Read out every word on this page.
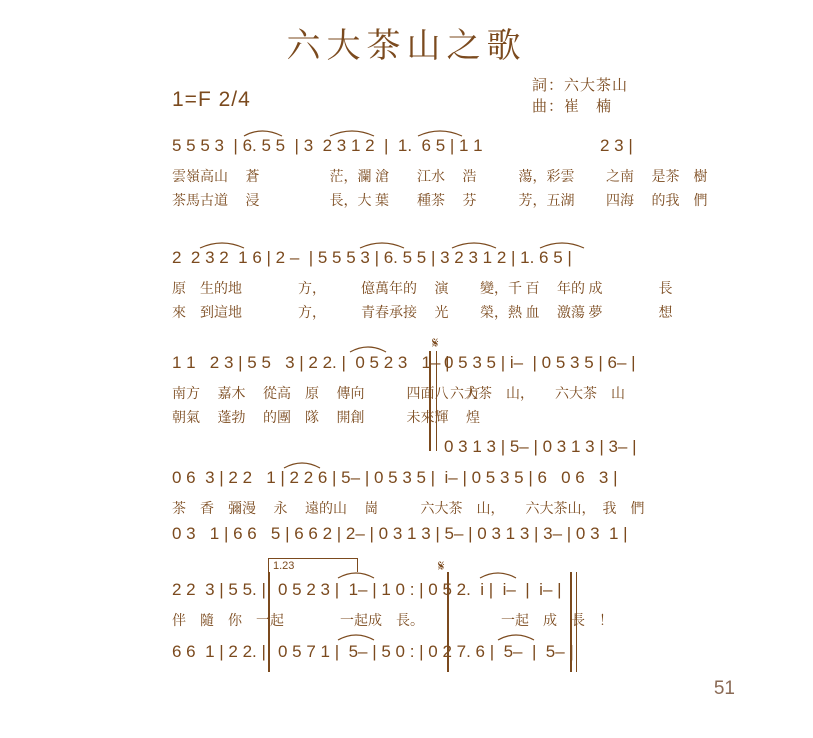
六大茶山之歌
1=F 2/4
詞：六大茶山
曲：崔　楠
5 5 5 3  | 6. 5 5  | 3  2 3 1 2  |  1.  6 5 | 1 1	2 3 |
雲嶺高山　 蒼　　　　　茫，瀾 滄　　江水　 浩　　　蕩，彩雲　　 之南　 是茶　樹
茶馬古道　 浸　　　　　長，大 葉　　種茶　 芬　　　芳，五湖　　 四海　 的我　們
2  2 3 2  1 6 | 2 –  | 5 5 5 3 | 6. 5 5 | 3 2 3 1 2 | 1. 6 5 |
原　生的地　　　　方，　　　億萬年的　 演　　 變，千 百　 年的 成　　　　長
來　到這地　　　　方，　　　青春承接　 光　　 榮，熱 血　 激蕩 夢　　　　想
𝄋
1 1   2 3 | 5 5   3 | 2 2. |  0 5 2 3   1– |
0 5 3 5 | i–  | 0 5 3 5 | 6– |
南方　 嘉木　 從高　原　 傳向　　　四面八　 方
朝氣　 蓬勃　 的團　隊　 開創　　　未來輝　 煌
六大茶　山，　　六大茶　山
0 3 1 3 | 5– | 0 3 1 3 | 3– |
0 6  3 | 2 2   1 | 2 2 6 | 5– | 0 5 3 5 |  i– | 0 5 3 5 | 6   0 6   3 |
茶　香　彌漫　 永　 遠的山　 崗　　　六大茶　山，　　六大茶山，　我　們
0 3   1 | 6 6   5 | 6 6 2 | 2– | 0 3 1 3 | 5– | 0 3 1 3 | 3– | 0 3  1 |
1.23	𝄋
2 2  3 | 5 5. | 0 5 2 3 |  1– | 1 0 : | 0 5 2.  i |  i–  |  i– |
伴　隨　你　一起　　　　一起成　長。　　　　　　一起　成　長　！
6 6  1 | 2 2. | 0 5 7 1 |  5– | 5 0 : | 0 2 7. 6 |  5–  |  5– |
51
